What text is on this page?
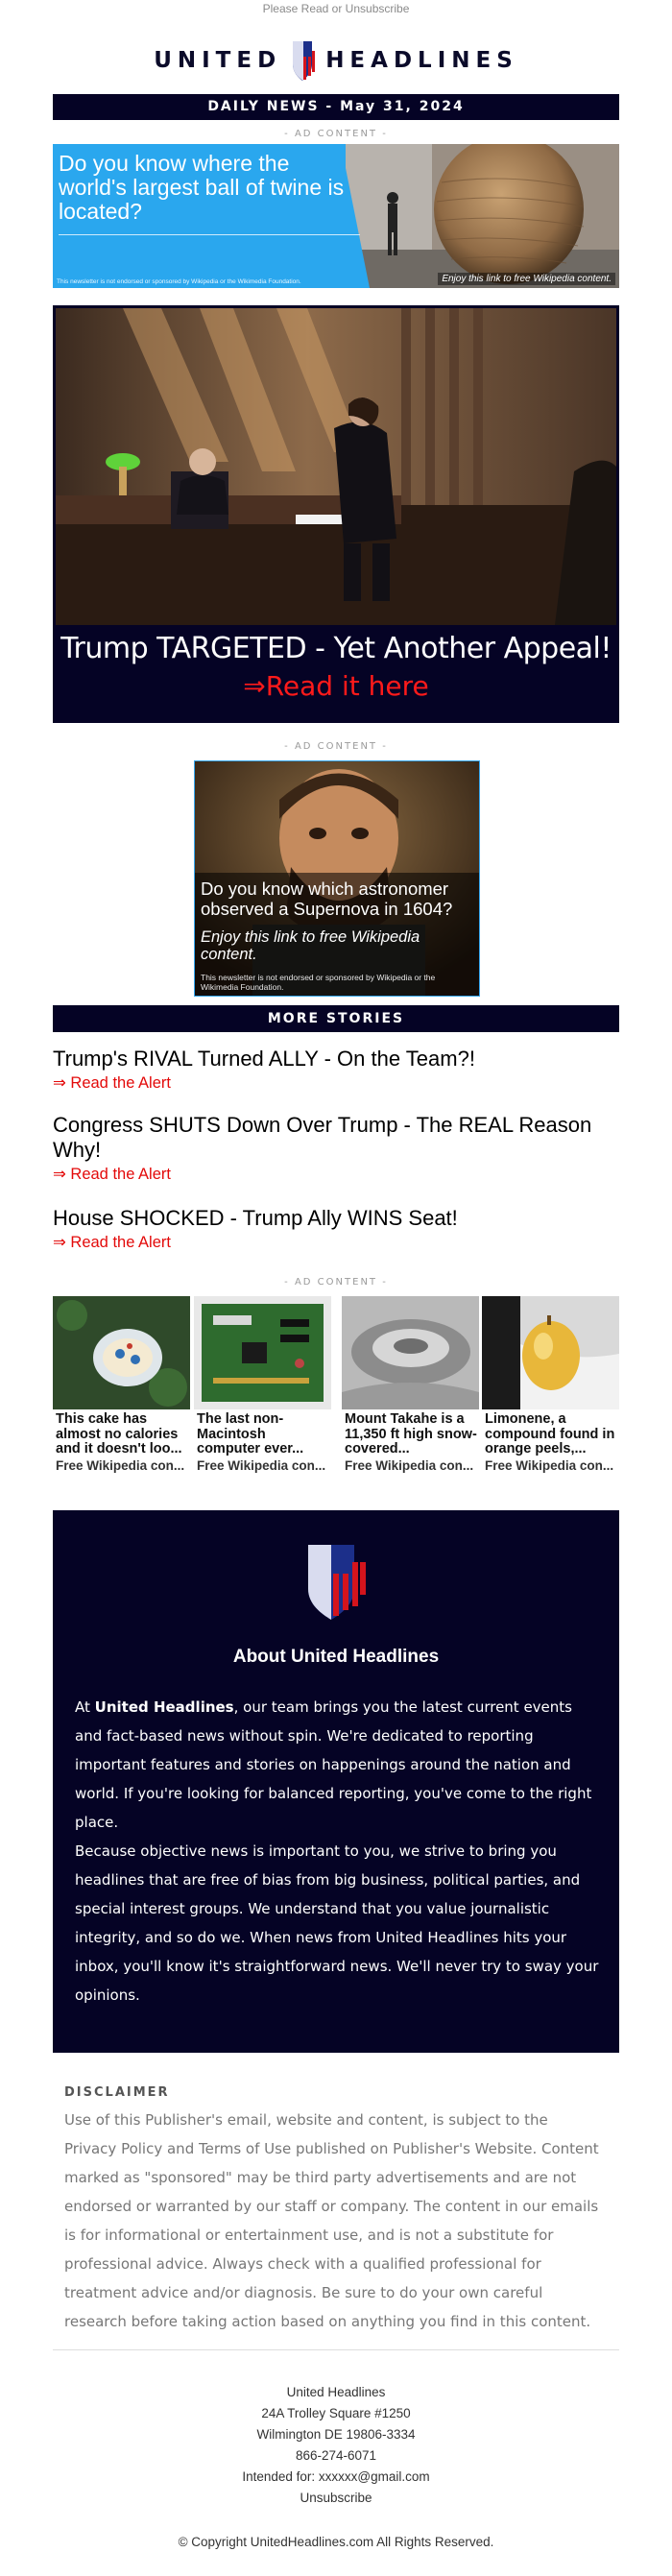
Please Read or Unsubscribe
UNITED HEADLINES
DAILY NEWS - May 31, 2024
- AD CONTENT -
Do you know where the world's largest ball of twine is located?
This newsletter is not endorsed or sponsored by Wikipedia or the Wikimedia Foundation.	Enjoy this link to free Wikipedia content.
Trump TARGETED - Yet Another Appeal!
⇒Read it here
- AD CONTENT -
Do you know which astronomer observed a Supernova in 1604?
Enjoy this link to free Wikipedia content.
This newsletter is not endorsed or sponsored by Wikipedia or the Wikimedia Foundation.
MORE STORIES
Trump's RIVAL Turned ALLY - On the Team?!
⇒ Read the Alert
Congress SHUTS Down Over Trump - The REAL Reason Why!
⇒ Read the Alert
House SHOCKED - Trump Ally WINS Seat!
⇒ Read the Alert
- AD CONTENT -
This cake has almost no calories and it doesn't loo...
Free Wikipedia con...
The last non-Macintosh computer ever...
Free Wikipedia con...
Mount Takahe is a 11,350 ft high snow-covered...
Free Wikipedia con...
Limonene, a compound found in orange peels,...
Free Wikipedia con...
About United Headlines

At United Headlines, our team brings you the latest current events and fact-based news without spin. We're dedicated to reporting important features and stories on happenings around the nation and world. If you're looking for balanced reporting, you've come to the right place.

Because objective news is important to you, we strive to bring you headlines that are free of bias from big business, political parties, and special interest groups. We understand that you value journalistic integrity, and so do we. When news from United Headlines hits your inbox, you'll know it's straightforward news. We'll never try to sway your opinions.

DISCLAIMER

Use of this Publisher's email, website and content, is subject to the Privacy Policy and Terms of Use published on Publisher's Website. Content marked as "sponsored" may be third party advertisements and are not endorsed or warranted by our staff or company. The content in our emails is for informational or entertainment use, and is not a substitute for professional advice. Always check with a qualified professional for treatment advice and/or diagnosis. Be sure to do your own careful research before taking action based on anything you find in this content.

United Headlines
24A Trolley Square #1250
Wilmington DE 19806-3334
866-274-6071
Intended for: xxxxxx@gmail.com
Unsubscribe
© Copyright UnitedHeadlines.com All Rights Reserved.
